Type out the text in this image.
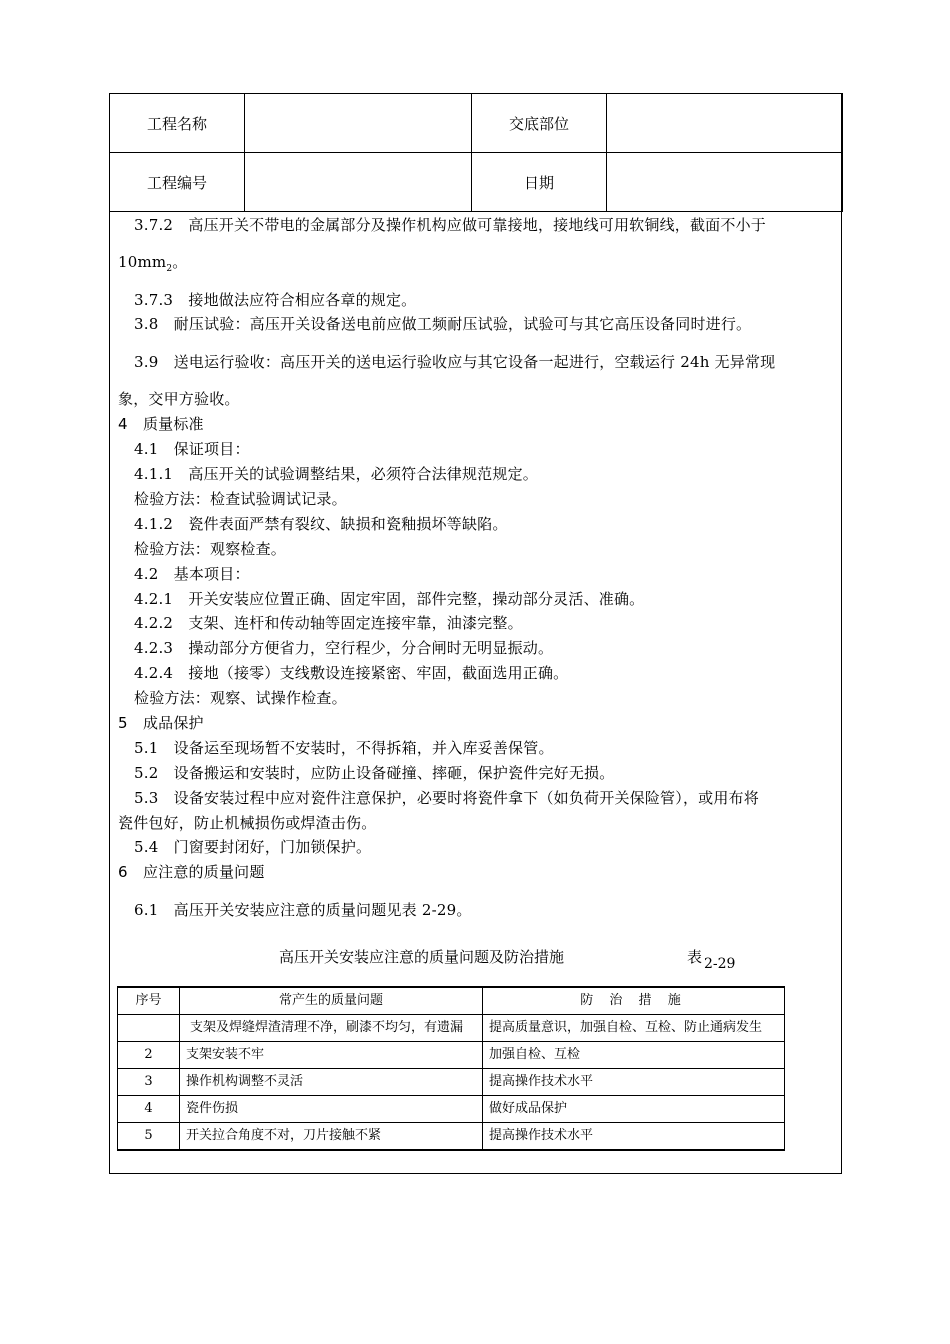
工程名称		交底部位	
工程编号		日期	
3.7.2　高压开关不带电的金属部分及操作机构应做可靠接地，接地线可用软铜线，截面不小于
$10mm_2$。
3.7.3　接地做法应符合相应各章的规定。
3.8　耐压试验：高压开关设备送电前应做工频耐压试验，试验可与其它高压设备同时进行。
3.9　送电运行验收：高压开关的送电运行验收应与其它设备一起进行，空载运行 24h 无异常现
象，交甲方验收。
4　质量标准
4.1　保证项目：
4.1.1　高压开关的试验调整结果，必须符合法律规范规定。
检验方法：检查试验调试记录。
4.1.2　瓷件表面严禁有裂纹、缺损和瓷釉损坏等缺陷。
检验方法：观察检查。
4.2　基本项目：
4.2.1　开关安装应位置正确、固定牢固，部件完整，操动部分灵活、准确。
4.2.2　支架、连杆和传动轴等固定连接牢靠，油漆完整。
4.2.3　操动部分方便省力，空行程少，分合闸时无明显振动。
4.2.4　接地（接零）支线敷设连接紧密、牢固，截面选用正确。
检验方法：观察、试操作检查。
5　成品保护
5.1　设备运至现场暂不安装时，不得拆箱，并入库妥善保管。
5.2　设备搬运和安装时，应防止设备碰撞、摔砸，保护瓷件完好无损。
5.3　设备安装过程中应对瓷件注意保护，必要时将瓷件拿下（如负荷开关保险管），或用布将
瓷件包好，防止机械损伤或焊渣击伤。
5.4　门窗要封闭好，门加锁保护。
6　应注意的质量问题
6.1　高压开关安装应注意的质量问题见表 2-29。
高压开关安装应注意的质量问题及防治措施	表 2-29
序号	常产生的质量问题	防 治 措 施
	支架及焊缝焊渣清理不净，刷漆不均匀，有遗漏	提高质量意识，加强自检、互检、防止通病发生
2	支架安装不牢	加强自检、互检
3	操作机构调整不灵活	提高操作技术水平
4	瓷件伤损	做好成品保护
5	开关拉合角度不对，刀片接触不紧	提高操作技术水平
